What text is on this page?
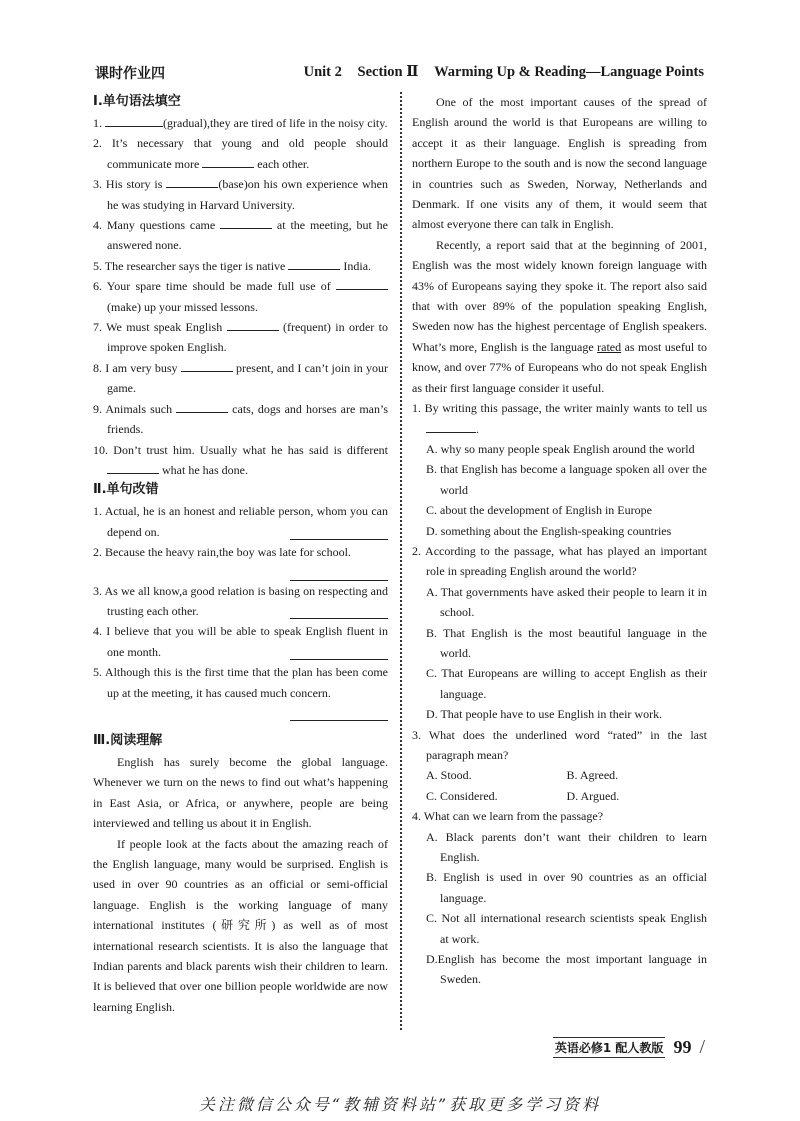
课时作业四	Unit 2 Section Ⅱ Warming Up & Reading—Language Points
Ⅰ.单句语法填空

1.	(gradual),they are tired of life in the noisy city.

2. It’s necessary that young and old people should communicate more	each other.

3. His story is	(base)on his own experience when he was studying in Harvard University.

4. Many questions came	at the meeting, but he answered none.

5. The researcher says the tiger is native	India.

6. Your spare time should be made full use of (make) up your missed lessons.

7. We must speak English	(frequent) in order to improve spoken English.

8. I am very busy	present, and I can’t join in your game.

9. Animals such	cats, dogs and horses are man’s friends.

10. Don’t trust him. Usually what he has said is different  what he has done.

Ⅱ.单句改错

1. Actual, he is an honest and reliable person, whom you can depend on.

2. Because the heavy rain,the boy was late for school.

3. As we all know,a good relation is basing on respecting and trusting each other.

4. I believe that you will be able to speak English fluent in one month.

5. Although this is the first time that the plan has been come up at the meeting, it has caused much concern.

Ⅲ.阅读理解

English has surely become the global language. Whenever we turn on the news to find out what’s happening in East Asia, or Africa, or anywhere, people are being interviewed and telling us about it in English.

If people look at the facts about the amazing reach of the English language, many would be surprised. English is used in over 90 countries as an official or semi-official language. English is the working language of many international institutes (研究所) as well as of most international research scientists. It is also the language that Indian parents and black parents wish their children to learn. It is believed that over one billion people worldwide are now learning English.

One of the most important causes of the spread of English around the world is that Europeans are willing to accept it as their language. English is spreading from northern Europe to the south and is now the second language in countries such as Sweden, Norway, Netherlands and Denmark. If one visits any of them, it would seem that almost everyone there can talk in English.

Recently, a report said that at the beginning of 2001, English was the most widely known foreign language with 43% of Europeans saying they spoke it. The report also said that with over 89% of the population speaking English, Sweden now has the highest percentage of English speakers. What’s more, English is the language rated as most useful to know, and over 77% of Europeans who do not speak English as their first language consider it useful.

1. By writing this passage, the writer mainly wants to tell us .

A. why so many people speak English around the world

B. that English has become a language spoken all over the world

C. about the development of English in Europe

D. something about the English-speaking countries

2. According to the passage, what has played an important role in spreading English around the world?

A. That governments have asked their people to learn it in school.

B. That English is the most beautiful language in the world.

C. That Europeans are willing to accept English as their language.

D. That people have to use English in their work.

3. What does the underlined word “rated” in the last paragraph mean?

A. Stood.	B. Agreed.
C. Considered.	D. Argued.

4. What can we learn from the passage?

A. Black parents don’t want their children to learn English.

B. English is used in over 90 countries as an official language.

C. Not all international research scientists speak English at work.

D.English has become the most important language in Sweden.

英语必修1 配人教版 99 /
关注微信公众号“教辅资料站”获取更多学习资料
